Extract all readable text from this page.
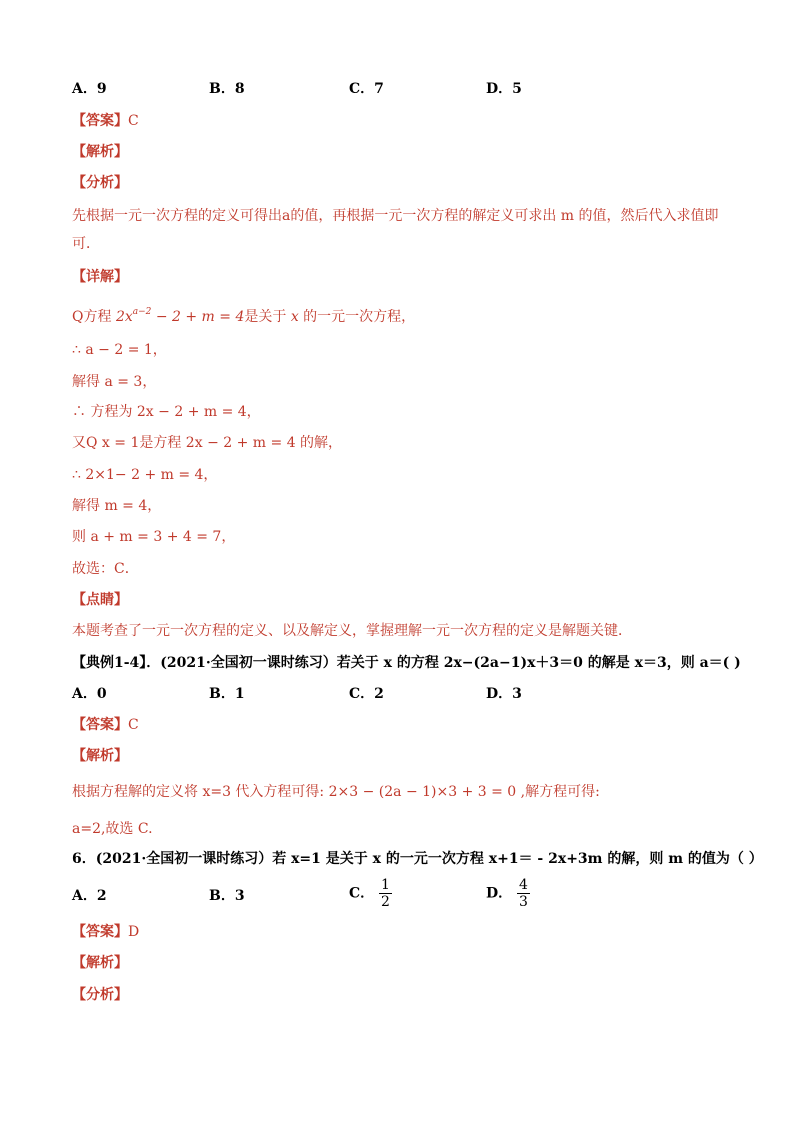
A．9	B．8	C．7	D．5
【答案】C
【解析】
【分析】
先根据一元一次方程的定义可得出a的值，再根据一元一次方程的解定义可求出 m 的值，然后代入求值即可．
【详解】
Q方程 $2x^{a-2} - 2 + m = 4$是关于 x 的一元一次方程，
∴ a − 2 = 1，
解得 a = 3，
∴ 方程为 2x − 2 + m = 4，
又Q x = 1是方程 2x − 2 + m = 4 的解，
∴ 2×1− 2 + m = 4，
解得 m = 4，
则 a + m = 3 + 4 = 7，
故选：C．
【点睛】
本题考查了一元一次方程的定义、以及解定义，掌握理解一元一次方程的定义是解题关键．
【典例1-4】．(2021·全国初一课时练习）若关于 x 的方程 2x−(2a−1)x＋3＝0 的解是 x＝3，则 a＝( )
A．0	B．1	C．2	D．3
【答案】C
【解析】
根据方程解的定义将 x=3 代入方程可得: 2×3 − (2a − 1)×3 + 3 = 0 ,解方程可得:
a=2,故选 C.
6．(2021·全国初一课时练习）若 x=1 是关于 x 的一元一次方程 x+1＝ - 2x+3m 的解，则 m 的值为（ ）
A．2	B．3	C． $\frac{1}{2}$	D． $\frac{4}{3}$
【答案】D
【解析】
【分析】
